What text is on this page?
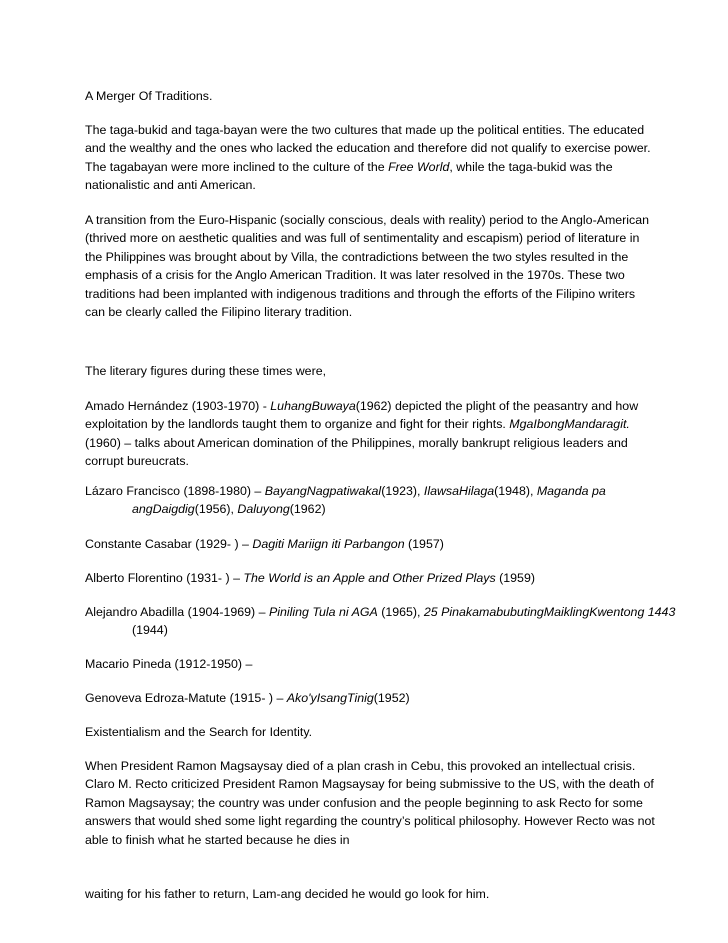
A Merger Of Traditions.

The taga-bukid and taga-bayan were the two cultures that made up the political entities. The educated and the wealthy and the ones who lacked the education and therefore did not qualify to exercise power. The tagabayan were more inclined to the culture of the Free World, while the taga-bukid was the nationalistic and anti American.

A transition from the Euro-Hispanic (socially conscious, deals with reality) period to the Anglo-American (thrived more on aesthetic qualities and was full of sentimentality and escapism) period of literature in the Philippines was brought about by Villa, the contradictions between the two styles resulted in the emphasis of a crisis for the Anglo American Tradition. It was later resolved in the 1970s. These two traditions had been implanted with indigenous traditions and through the efforts of the Filipino writers can be clearly called the Filipino literary tradition.

The literary figures during these times were,

Amado Hernández (1903-1970) - LuhangBuwaya(1962) depicted the plight of the peasantry and how exploitation by the landlords taught them to organize and fight for their rights. MgaIbongMandaragit. (1960) – talks about American domination of the Philippines, morally bankrupt religious leaders and corrupt bureucrats.

Lázaro Francisco (1898-1980) – BayangNagpatiwakal(1923), IlawsaHilaga(1948), Maganda pa angDaigdig(1956), Daluyong(1962)

Constante Casabar (1929- ) – Dagiti Mariign iti Parbangon (1957)

Alberto Florentino (1931- ) – The World is an Apple and Other Prized Plays (1959)

Alejandro Abadilla (1904-1969) – Piniling Tula ni AGA (1965), 25 PinakamabubutingMaiklingKwentong 1443 (1944)

Macario Pineda (1912-1950) –

Genoveva Edroza-Matute (1915- ) – Ako'yIsangTinig(1952)

Existentialism and the Search for Identity.

When President Ramon Magsaysay died of a plan crash in Cebu, this provoked an intellectual crisis. Claro M. Recto criticized President Ramon Magsaysay for being submissive to the US, with the death of Ramon Magsaysay; the country was under confusion and the people beginning to ask Recto for some answers that would shed some light regarding the country’s political philosophy. However Recto was not able to finish what he started because he dies in

waiting for his father to return, Lam-ang decided he would go look for him.
